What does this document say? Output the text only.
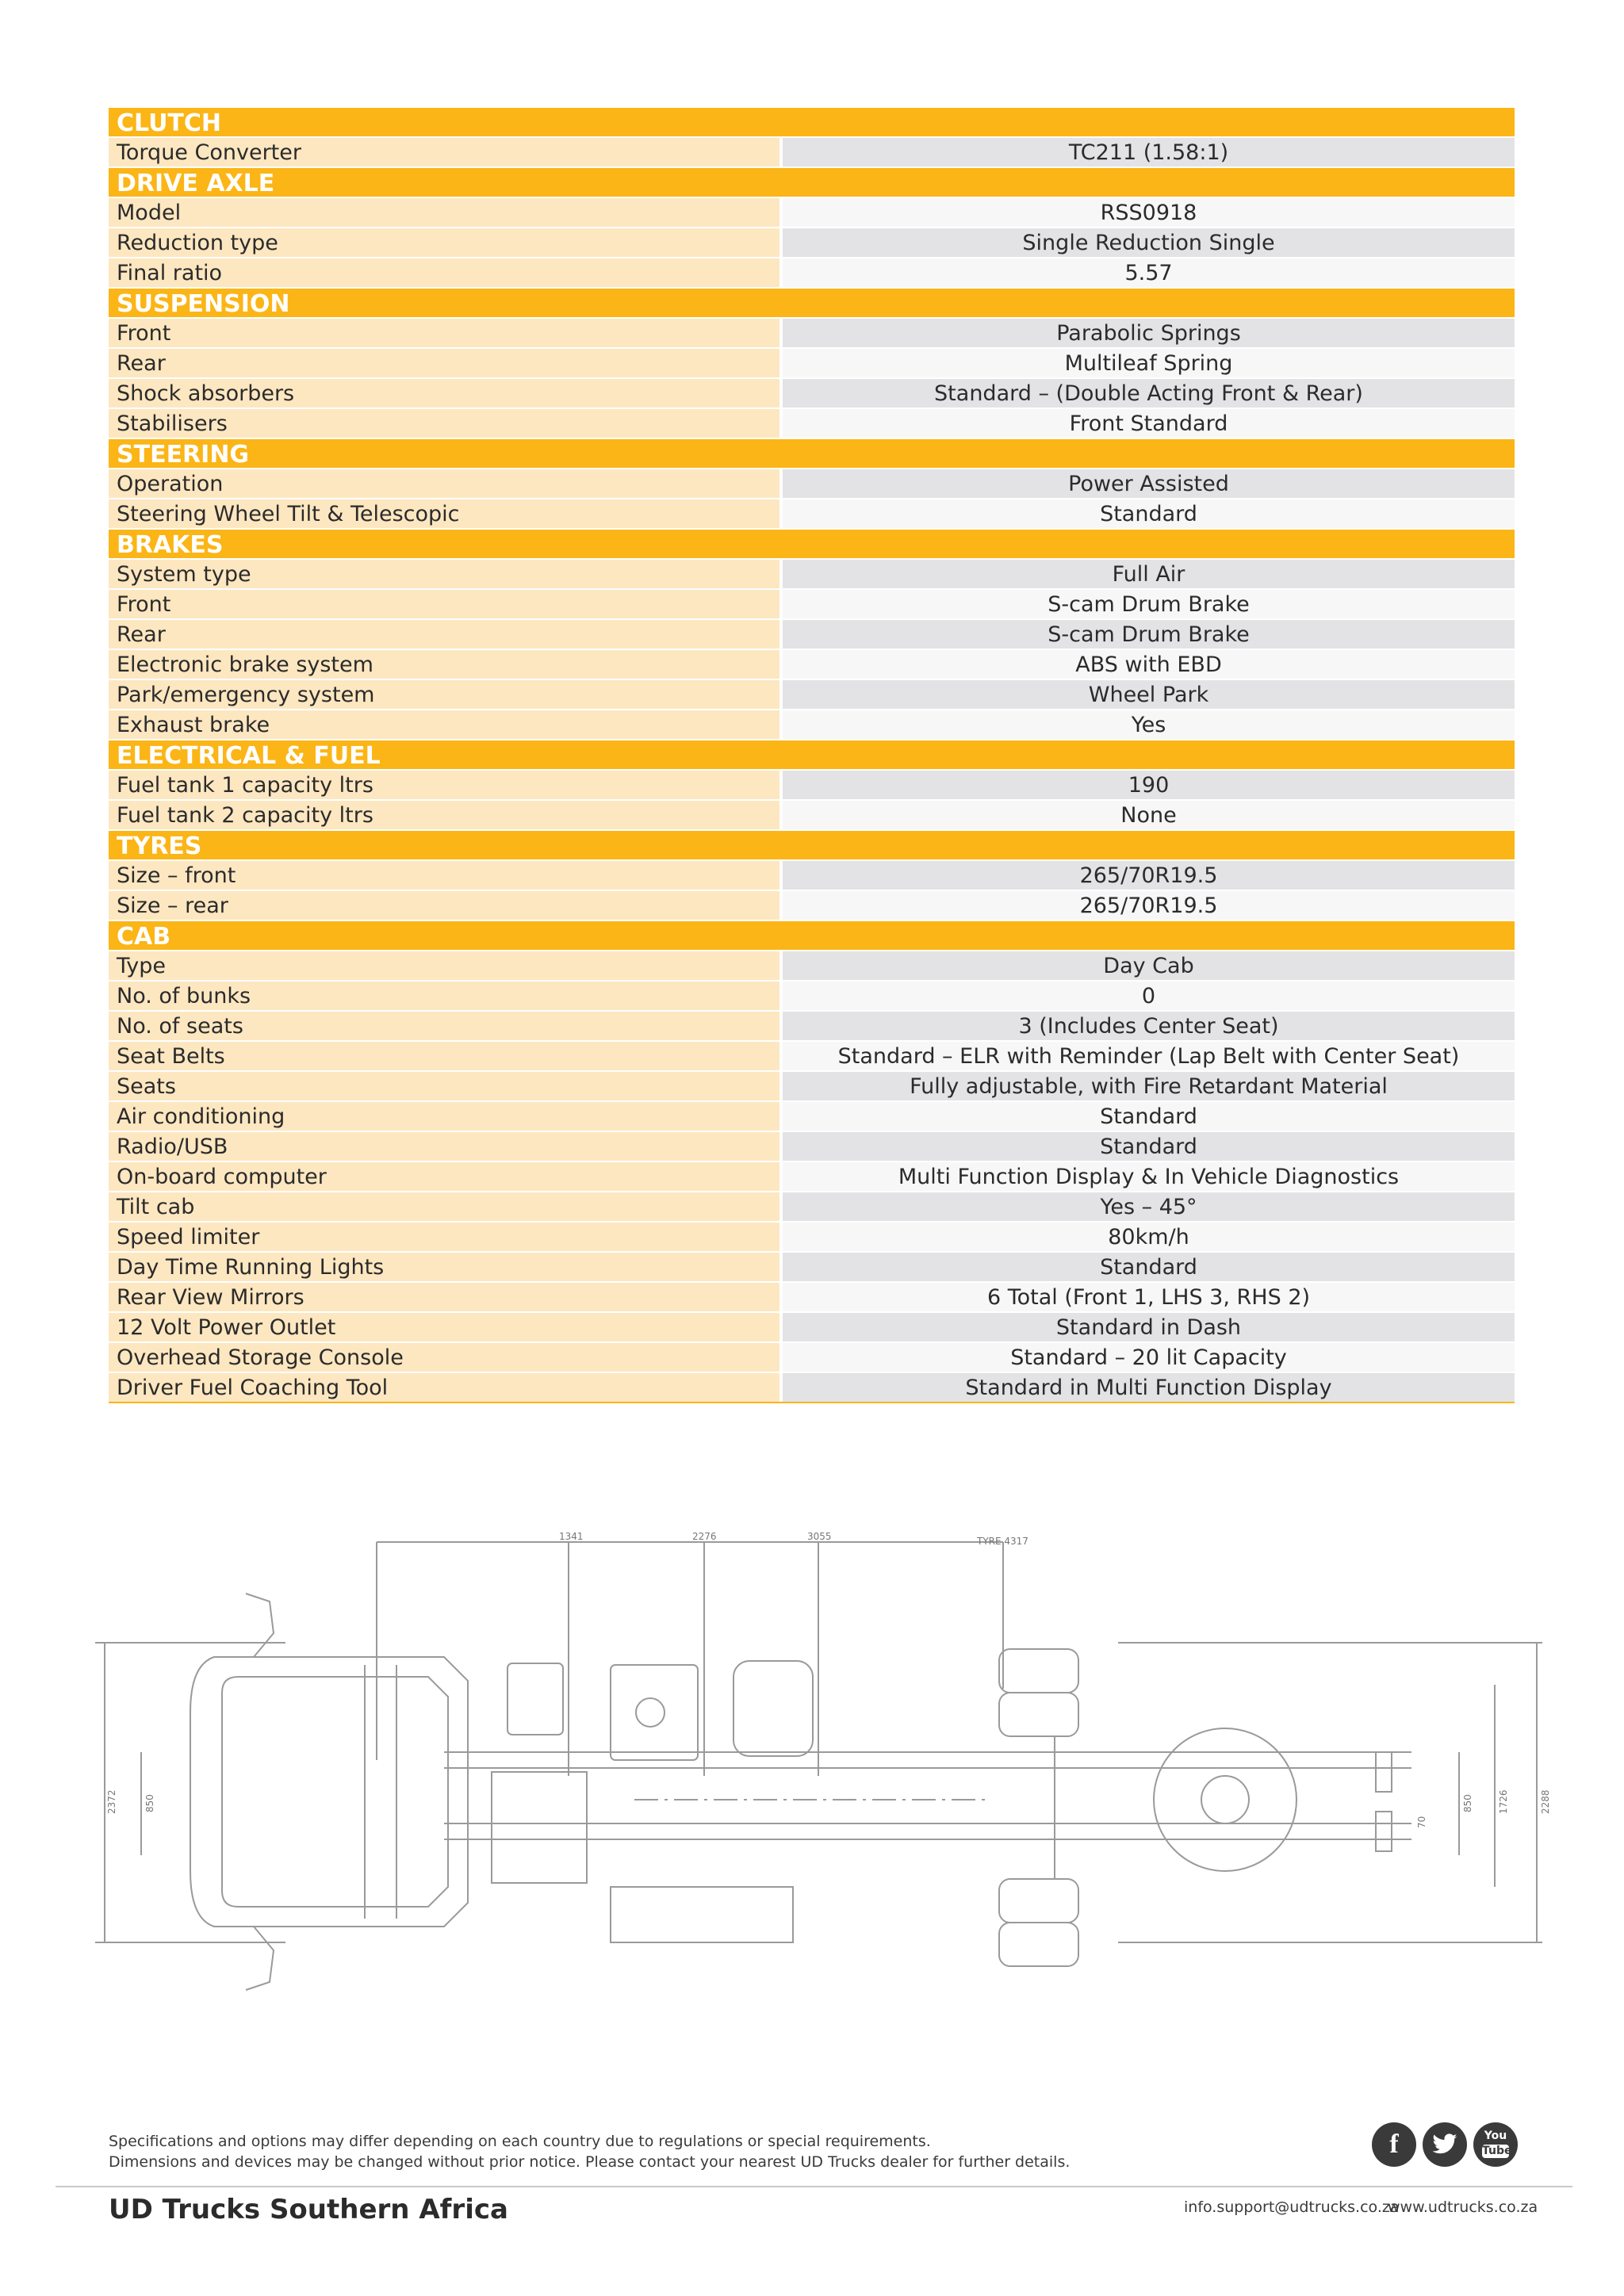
CLUTCH
Torque Converter	TC211 (1.58:1)
DRIVE AXLE
Model	RSS0918
Reduction type	Single Reduction Single
Final ratio	5.57
SUSPENSION
Front	Parabolic Springs
Rear	Multileaf Spring
Shock absorbers	Standard – (Double Acting Front & Rear)
Stabilisers	Front Standard
STEERING
Operation	Power Assisted
Steering Wheel Tilt & Telescopic	Standard
BRAKES
System type	Full Air
Front	S-cam Drum Brake
Rear	S-cam Drum Brake
Electronic brake system	ABS with EBD
Park/emergency system	Wheel Park
Exhaust brake	Yes
ELECTRICAL & FUEL
Fuel tank 1 capacity ltrs	190
Fuel tank 2 capacity ltrs	None
TYRES
Size – front	265/70R19.5
Size – rear	265/70R19.5
CAB
Type	Day Cab
No. of bunks	0
No. of seats	3 (Includes Center Seat)
Seat Belts	Standard – ELR with Reminder (Lap Belt with Center Seat)
Seats	Fully adjustable, with Fire Retardant Material
Air conditioning	Standard
Radio/USB	Standard
On-board computer	Multi Function Display & In Vehicle Diagnostics
Tilt cab	Yes – 45°
Speed limiter	80km/h
Day Time Running Lights	Standard
Rear View Mirrors	6 Total (Front 1, LHS 3, RHS 2)
12 Volt Power Outlet	Standard in Dash
Overhead Storage Console	Standard – 20 lit Capacity
Driver Fuel Coaching Tool	Standard in Multi Function Display
1341	2276	3055	TYRE 4317
2372	850	850	1726	2288
70
Specifications and options may differ depending on each country due to regulations or special requirements.
Dimensions and devices may be changed without prior notice. Please contact your nearest UD Trucks dealer for further details.
f	You
Tube
UD Trucks Southern Africa	info.support@udtrucks.co.za
www.udtrucks.co.za
